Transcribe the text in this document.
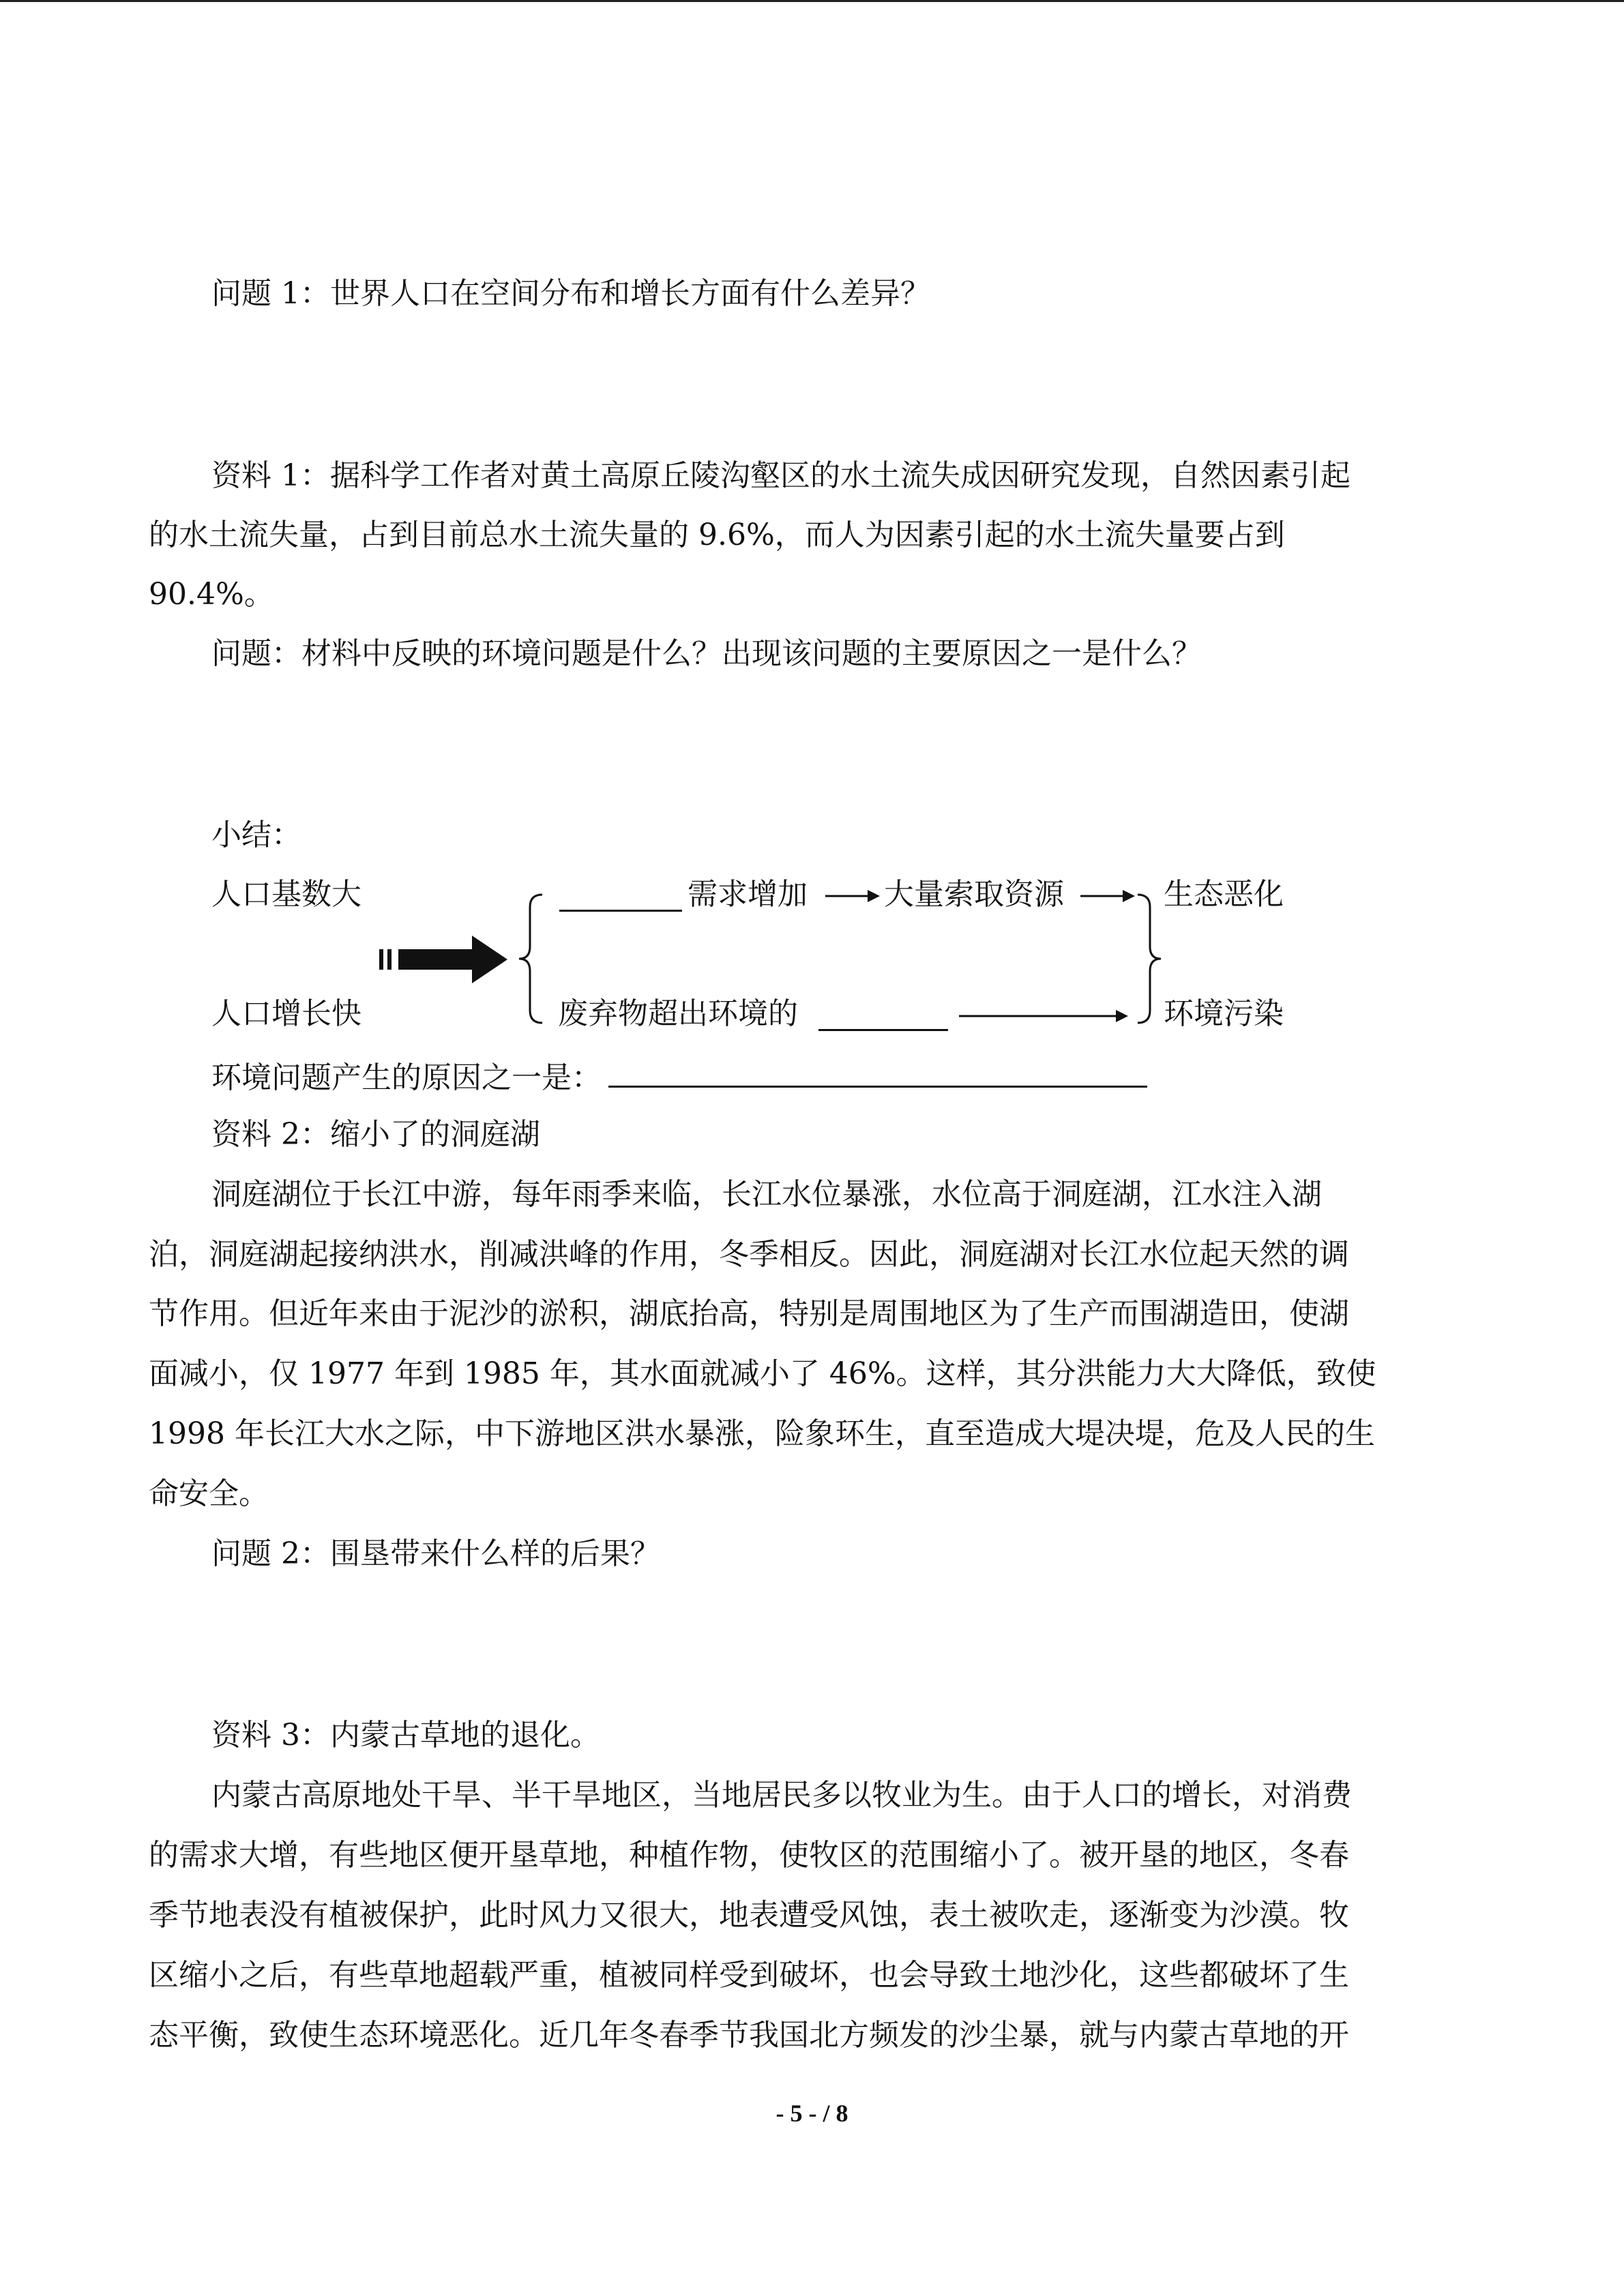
问题 1：世界人口在空间分布和增长方面有什么差异？
资料 1：据科学工作者对黄土高原丘陵沟壑区的水土流失成因研究发现，自然因素引起
的水土流失量，占到目前总水土流失量的 9.6%，而人为因素引起的水土流失量要占到
90.4%。
问题：材料中反映的环境问题是什么？出现该问题的主要原因之一是什么？
小结：
人口基数大
人口增长快
需求增加	大量索取资源
废弃物超出环境的
生态恶化
环境污染
环境问题产生的原因之一是：
资料 2：缩小了的洞庭湖
洞庭湖位于长江中游，每年雨季来临，长江水位暴涨，水位高于洞庭湖，江水注入湖
泊，洞庭湖起接纳洪水，削减洪峰的作用，冬季相反。因此，洞庭湖对长江水位起天然的调
节作用。但近年来由于泥沙的淤积，湖底抬高，特别是周围地区为了生产而围湖造田，使湖
面减小，仅 1977 年到 1985 年，其水面就减小了 46%。这样，其分洪能力大大降低，致使
1998 年长江大水之际，中下游地区洪水暴涨，险象环生，直至造成大堤决堤，危及人民的生
命安全。
问题 2：围垦带来什么样的后果？
资料 3：内蒙古草地的退化。
内蒙古高原地处干旱、半干旱地区，当地居民多以牧业为生。由于人口的增长，对消费
的需求大增，有些地区便开垦草地，种植作物，使牧区的范围缩小了。被开垦的地区，冬春
季节地表没有植被保护，此时风力又很大，地表遭受风蚀，表土被吹走，逐渐变为沙漠。牧
区缩小之后，有些草地超载严重，植被同样受到破坏，也会导致土地沙化，这些都破坏了生
态平衡，致使生态环境恶化。近几年冬春季节我国北方频发的沙尘暴，就与内蒙古草地的开
- 5 - / 8
